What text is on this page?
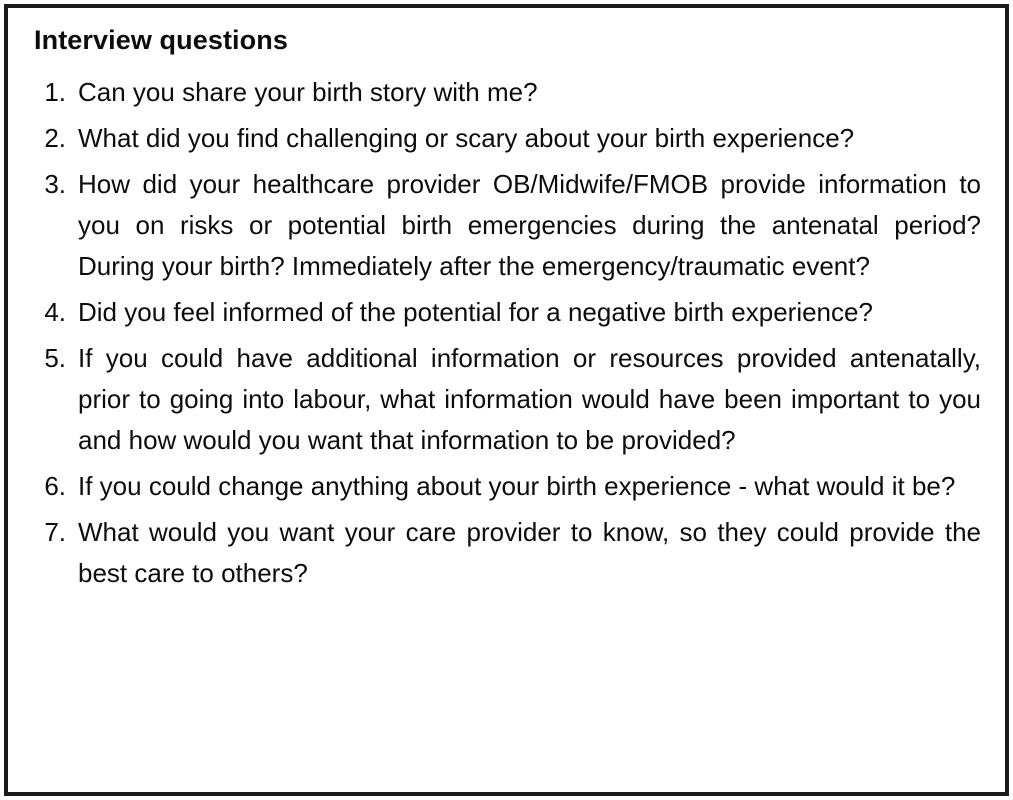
Interview questions
1. Can you share your birth story with me?
2. What did you find challenging or scary about your birth experience?
3. How did your healthcare provider OB/Midwife/FMOB provide information to you on risks or potential birth emergencies during the antenatal period? During your birth? Immediately after the emergency/traumatic event?
4. Did you feel informed of the potential for a negative birth experience?
5. If you could have additional information or resources provided antenatally, prior to going into labour, what information would have been important to you and how would you want that information to be provided?
6. If you could change anything about your birth experience - what would it be?
7. What would you want your care provider to know, so they could provide the best care to others?
